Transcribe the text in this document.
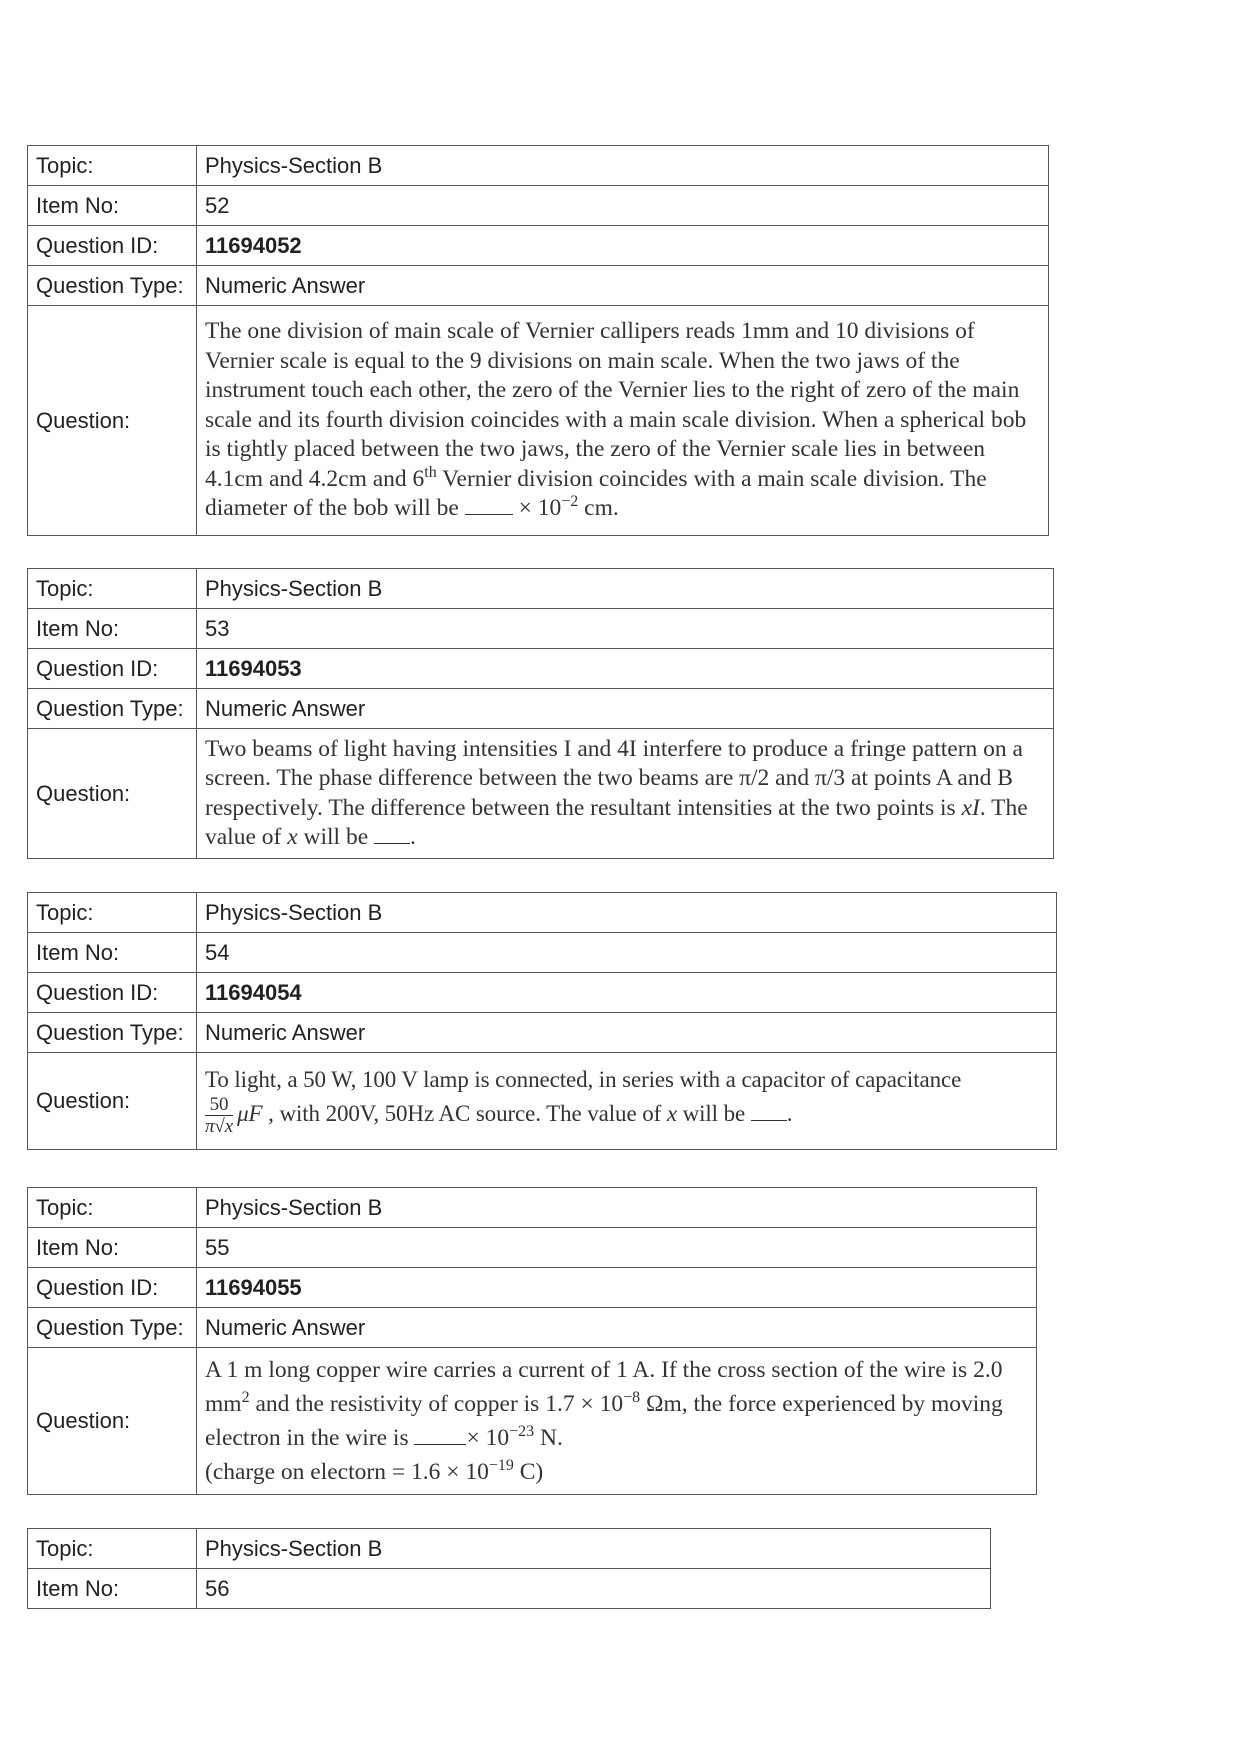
Topic:	Physics-Section B
Item No:	52
Question ID:	11694052
Question Type:	Numeric Answer
Question:	The one division of main scale of Vernier callipers reads 1mm and 10 divisions of Vernier scale is equal to the 9 divisions on main scale. When the two jaws of the instrument touch each other, the zero of the Vernier lies to the right of zero of the main scale and its fourth division coincides with a main scale division. When a spherical bob is tightly placed between the two jaws, the zero of the Vernier scale lies in between 4.1cm and 4.2cm and 6th Vernier division coincides with a main scale division. The diameter of the bob will be  × $10^{-2}$ cm.
Topic:	Physics-Section B
Item No:	53
Question ID:	11694053
Question Type:	Numeric Answer
Question:	Two beams of light having intensities I and 4I interfere to produce a fringe pattern on a screen. The phase difference between the two beams are π/2 and π/3 at points A and B respectively. The difference between the resultant intensities at the two points is xI. The value of x will be .
Topic:	Physics-Section B
Item No:	54
Question ID:	11694054
Question Type:	Numeric Answer
Question:	To light, a 50 W, 100 V lamp is connected, in series with a capacitor of capacitance

$\frac{50}{\pi√x}$ μF , with 200V, 50Hz AC source. The value of x will be .
Topic:	Physics-Section B
Item No:	55
Question ID:	11694055
Question Type:	Numeric Answer
Question:	A 1 m long copper wire carries a current of 1 A. If the cross section of the wire is 2.0 $mm^2$ and the resistivity of copper is $1.7 \times 10^{-8}$ Ωm, the force experienced by moving electron in the wire is × $10^{-23}$ N.
(charge on electorn = $1.6 \times 10^{-19}$ C)
Topic:	Physics-Section B
Item No:	56
